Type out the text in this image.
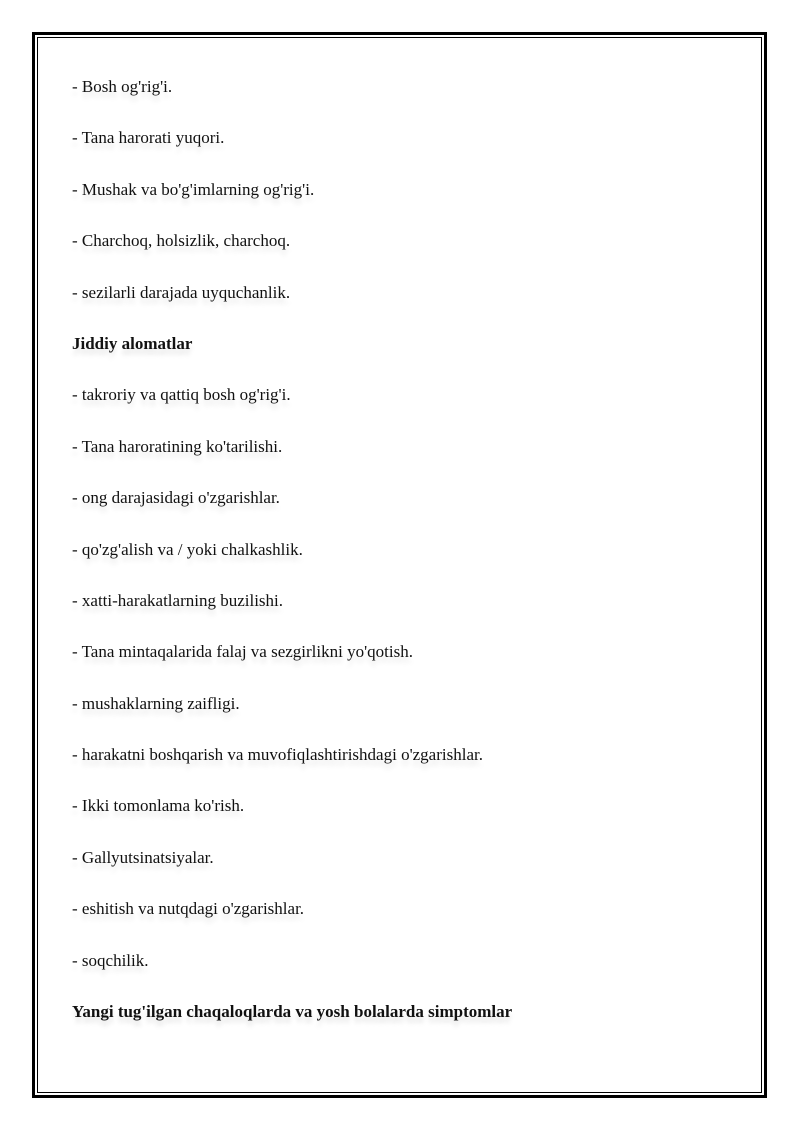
- Bosh og'rig'i.
- Tana harorati yuqori.
- Mushak va bo'g'imlarning og'rig'i.
- Charchoq, holsizlik, charchoq.
- sezilarli darajada uyquchanlik.
Jiddiy alomatlar
- takroriy va qattiq bosh og'rig'i.
- Tana haroratining ko'tarilishi.
- ong darajasidagi o'zgarishlar.
- qo'zg'alish va / yoki chalkashlik.
- xatti-harakatlarning buzilishi.
- Tana mintaqalarida falaj va sezgirlikni yo'qotish.
- mushaklarning zaifligi.
- harakatni boshqarish va muvofiqlashtirishdagi o'zgarishlar.
- Ikki tomonlama ko'rish.
- Gallyutsinatsiyalar.
- eshitish va nutqdagi o'zgarishlar.
- soqchilik.
Yangi tug'ilgan chaqaloqlarda va yosh bolalarda simptomlar
